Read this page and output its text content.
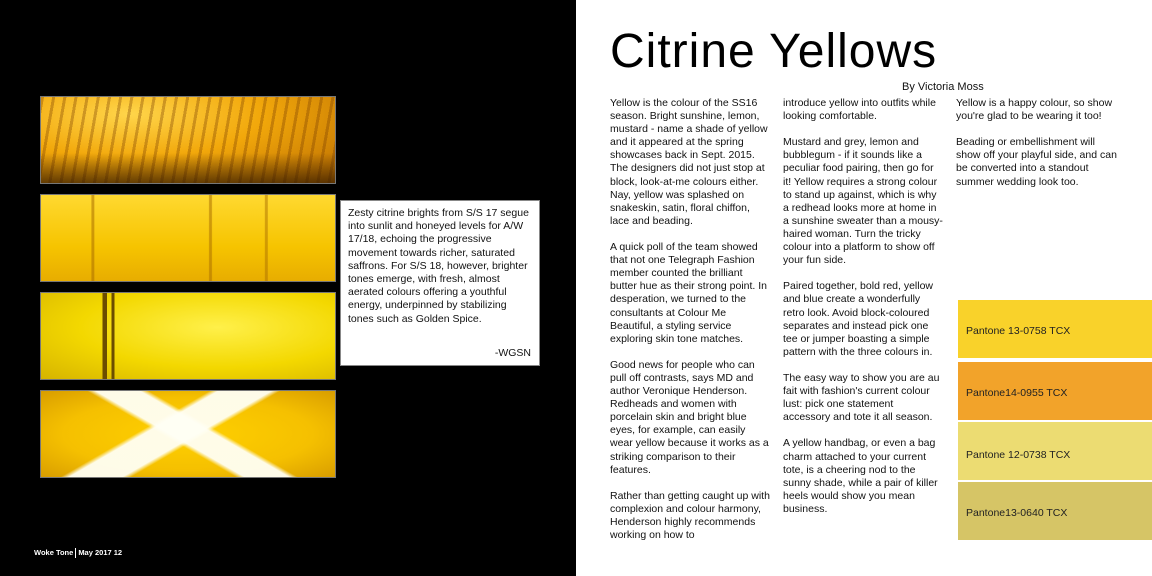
Zesty citrine brights from S/S 17 segue into sunlit and honeyed levels for A/W 17/18, echoing the progressive movement towards richer, saturated saffrons. For S/S 18, however, brighter tones emerge, with fresh, almost aerated colours offering a youthful energy, underpinned by stabilizing tones such as Golden Spice.

-WGSN
Woke Tone May 2017 12
Citrine Yellows
By Victoria Moss

Yellow is the colour of the SS16 season. Bright sunshine, lemon, mustard - name a shade of yellow and it appeared at the spring showcases back in Sept. 2015. The designers did not just stop at block, look-at-me colours either. Nay, yellow was splashed on snakeskin, satin, floral chiffon, lace and beading.

A quick poll of the team showed that not one Telegraph Fashion member counted the brilliant butter hue as their strong point. In desperation, we turned to the consultants at Colour Me Beautiful, a styling service exploring skin tone matches.

Good news for people who can pull off contrasts, says MD and author Veronique Henderson. Redheads and women with porcelain skin and bright blue eyes, for example, can easily wear yellow because it works as a striking comparison to their features.

Rather than getting caught up with complexion and colour harmony, Henderson highly recommends working on how to

introduce yellow into outfits while looking comfortable.

Mustard and grey, lemon and bubblegum - if it sounds like a peculiar food pairing, then go for it! Yellow requires a strong colour to stand up against, which is why a redhead looks more at home in a sunshine sweater than a mousy-haired woman. Turn the tricky colour into a platform to show off your fun side.

Paired together, bold red, yellow and blue create a wonderfully retro look. Avoid block-coloured separates and instead pick one tee or jumper boasting a simple pattern with the three colours in.

The easy way to show you are au fait with fashion's current colour lust: pick one statement accessory and tote it all season.

A yellow handbag, or even a bag charm attached to your current tote, is a cheering nod to the sunny shade, while a pair of killer heels would show you mean business.

Yellow is a happy colour, so show you're glad to be wearing it too!

Beading or embellishment will show off your playful side, and can be converted into a standout summer wedding look too.

Pantone 13-0758 TCX
Pantone14-0955 TCX
Pantone 12-0738 TCX
Pantone13-0640 TCX
